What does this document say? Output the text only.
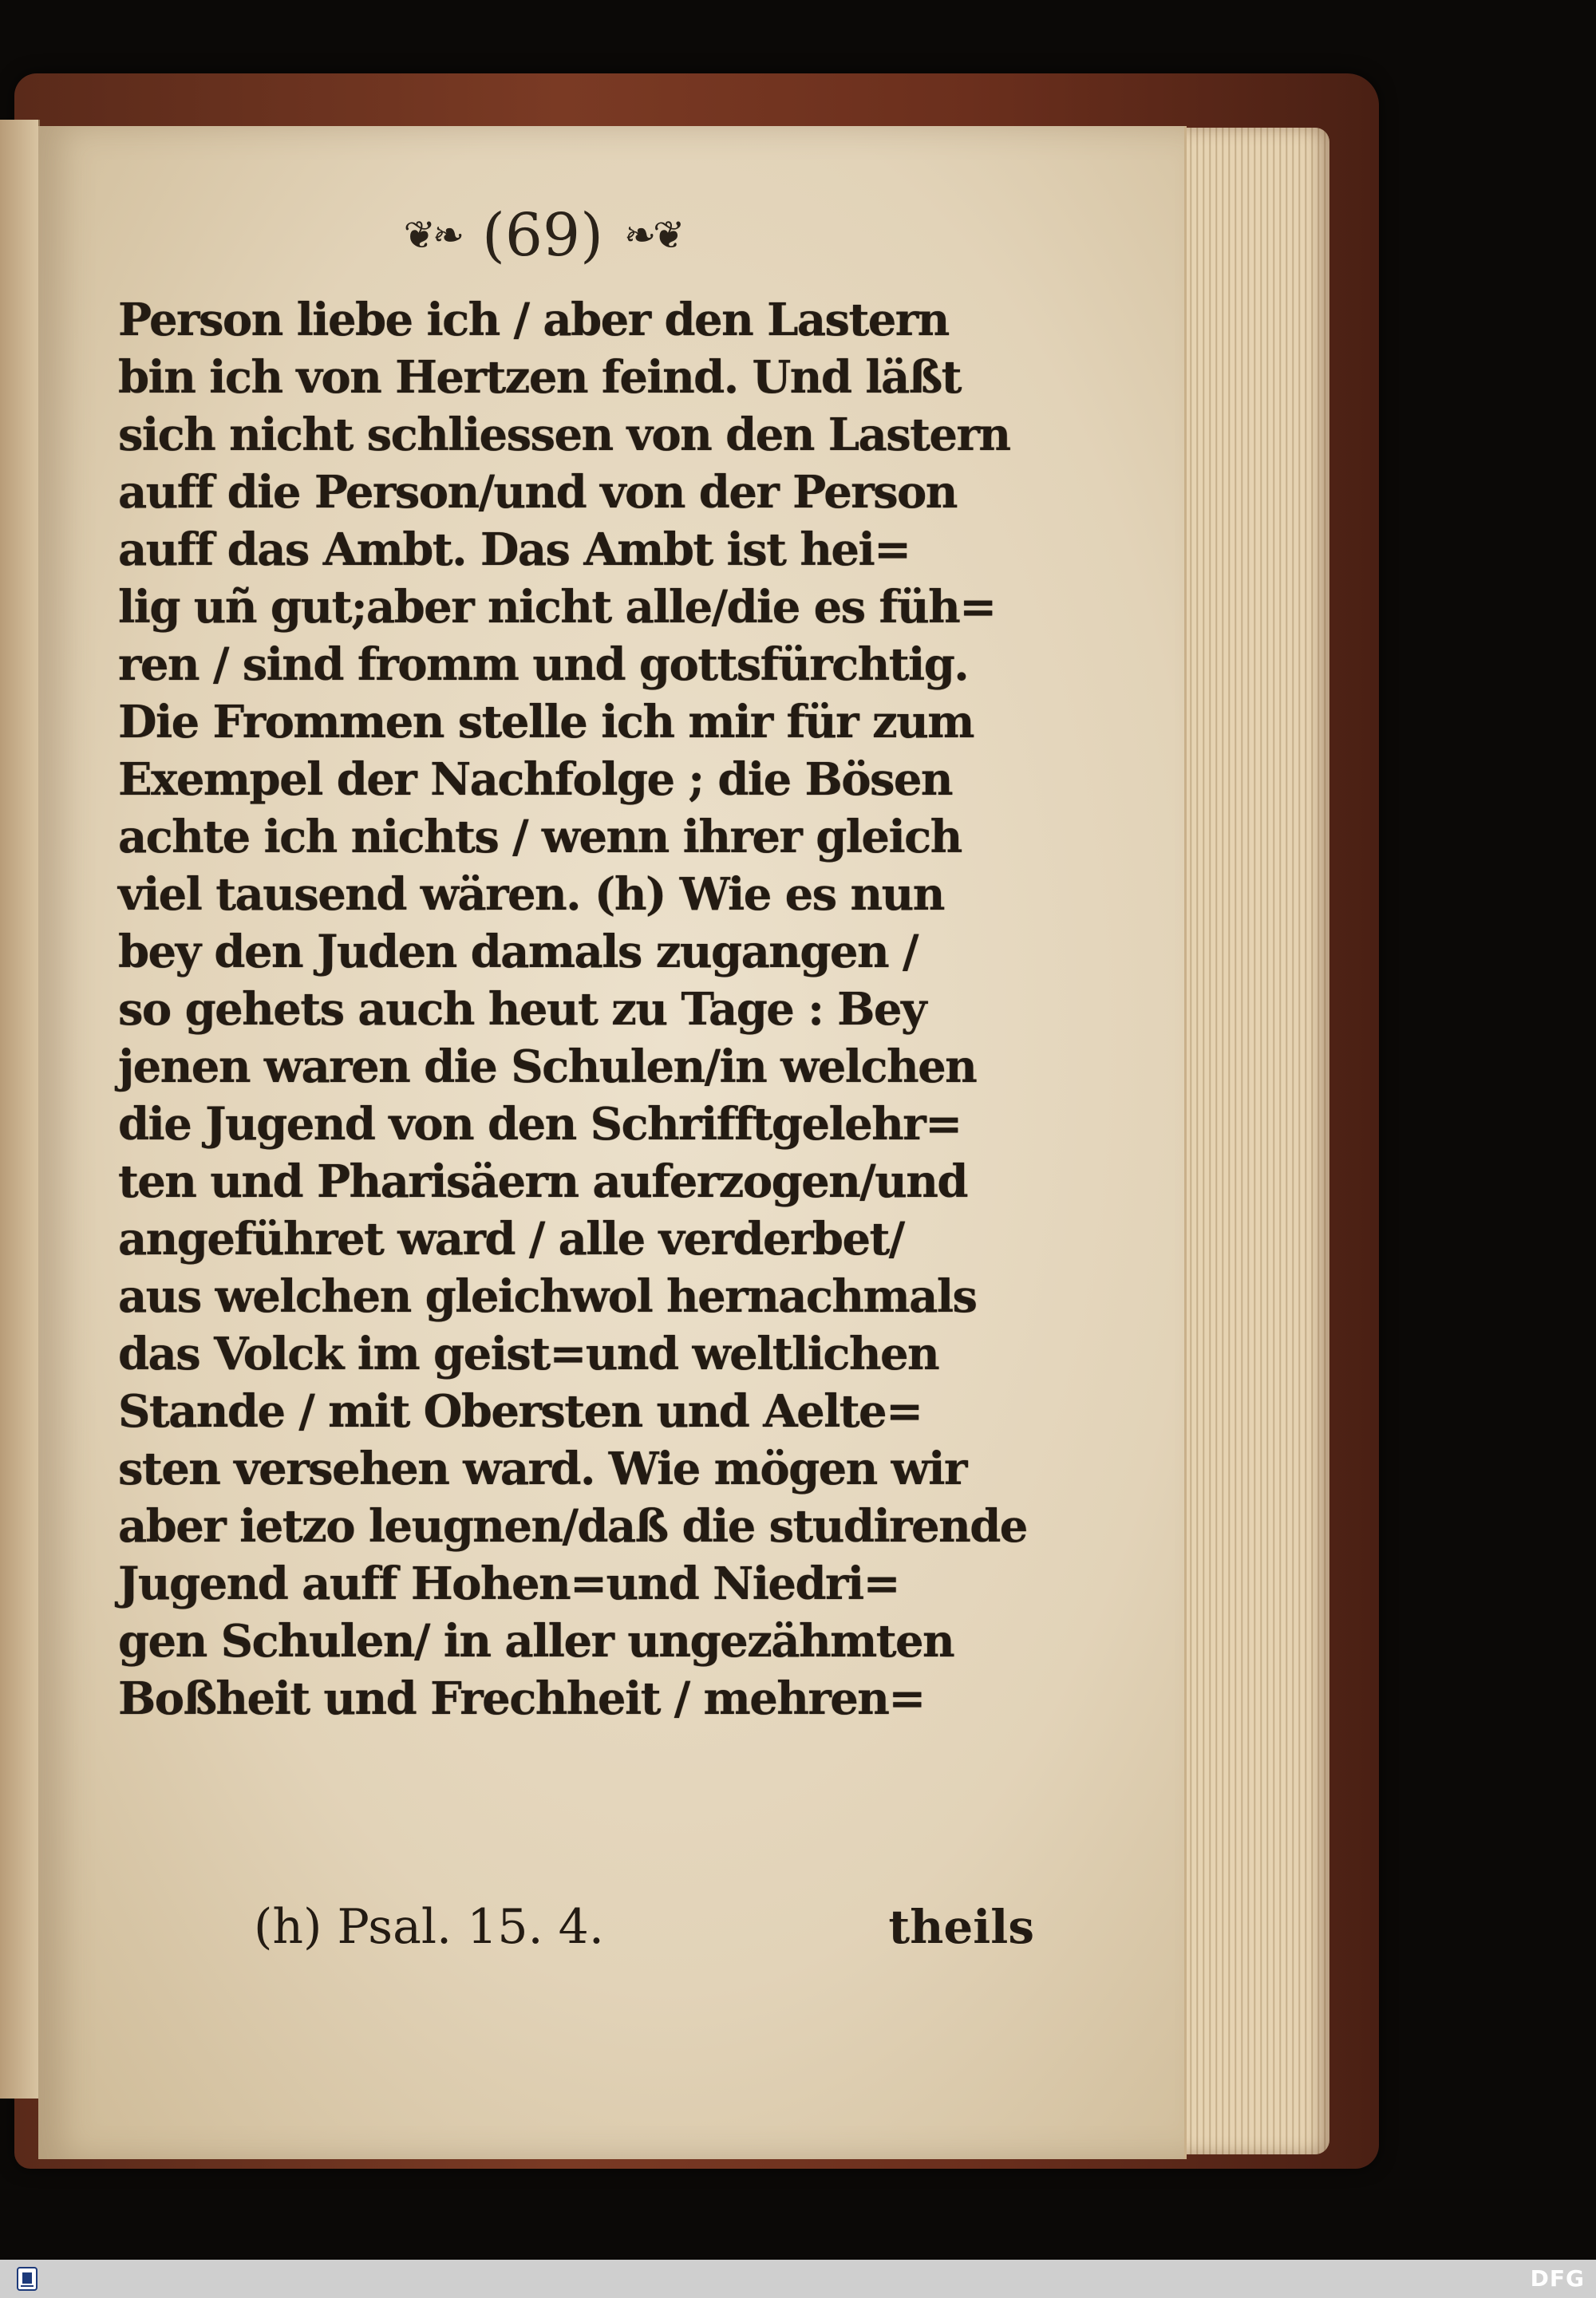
❦❧ (69) ❧❦
Person liebe ich / aber den Lastern
bin ich von Hertzen feind. Und läßt
sich nicht schliessen von den Lastern
auff die Person/und von der Person
auff das Ambt. Das Ambt ist hei=
lig uñ gut;aber nicht alle/die es füh=
ren / sind fromm und gottsfürchtig.
Die Frommen stelle ich mir für zum
Exempel der Nachfolge ; die Bösen
achte ich nichts / wenn ihrer gleich
viel tausend wären. (h) Wie es nun
bey den Juden damals zugangen /
so gehets auch heut zu Tage : Bey
jenen waren die Schulen/in welchen
die Jugend von den Schrifftgelehr=
ten und Pharisäern auferzogen/und
angeführet ward / alle verderbet/
aus welchen gleichwol hernachmals
das Volck im geist=und weltlichen
Stande / mit Obersten und Aelte=
sten versehen ward. Wie mögen wir
aber ietzo leugnen/daß die studirende
Jugend auff Hohen=und Niedri=
gen Schulen/ in aller ungezähmten
Boßheit und Frechheit / mehren=
(h) Psal. 15. 4.	theils
DFG
